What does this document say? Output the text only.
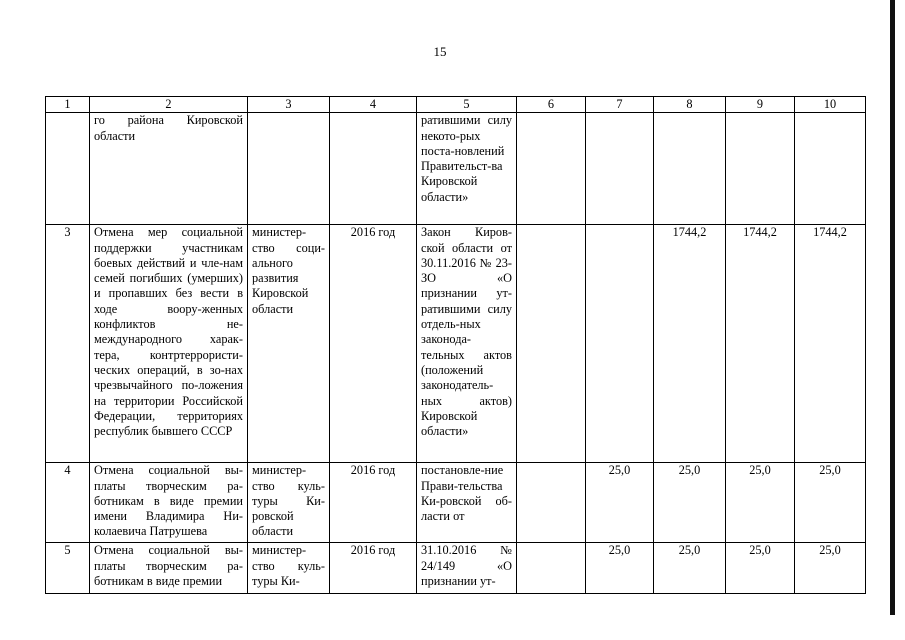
15
1	2	3	4	5	6	7	8	9	10
	го района Кировской области			ратившими силу некото-рых поста-новлений Правительст-ва Кировской области»					
3	Отмена мер социальной поддержки участникам боевых действий и чле-нам семей погибших (умерших) и пропавших без вести в ходе воору-женных конфликтов не-международного харак-тера, контртеррористи-ческих операций, в зо-нах чрезвычайного по-ложения на территории Российской Федерации, территориях республик бывшего СССР	министер-ство соци-ального развития Кировской области	2016 год	Закон Киров-ской области от 30.11.2016 № 23-ЗО «О признании ут-ратившими силу отдель-ных законода-тельных актов (положений законодатель-ных актов) Кировской области»			1744,2	1744,2	1744,2
4	Отмена социальной вы-платы творческим ра-ботникам в виде премии имени Владимира Ни-колаевича Патрушева	министер-ство куль-туры Ки-ровской области	2016 год	постановле-ние Прави-тельства Ки-ровской об-ласти от		25,0	25,0	25,0	25,0

5	Отмена социальной вы-платы творческим ра-ботникам в виде премии	министер-ство куль-туры Ки-	2016 год	31.10.2016 № 24/149 «О признании ут-		25,0	25,0	25,0	25,0
